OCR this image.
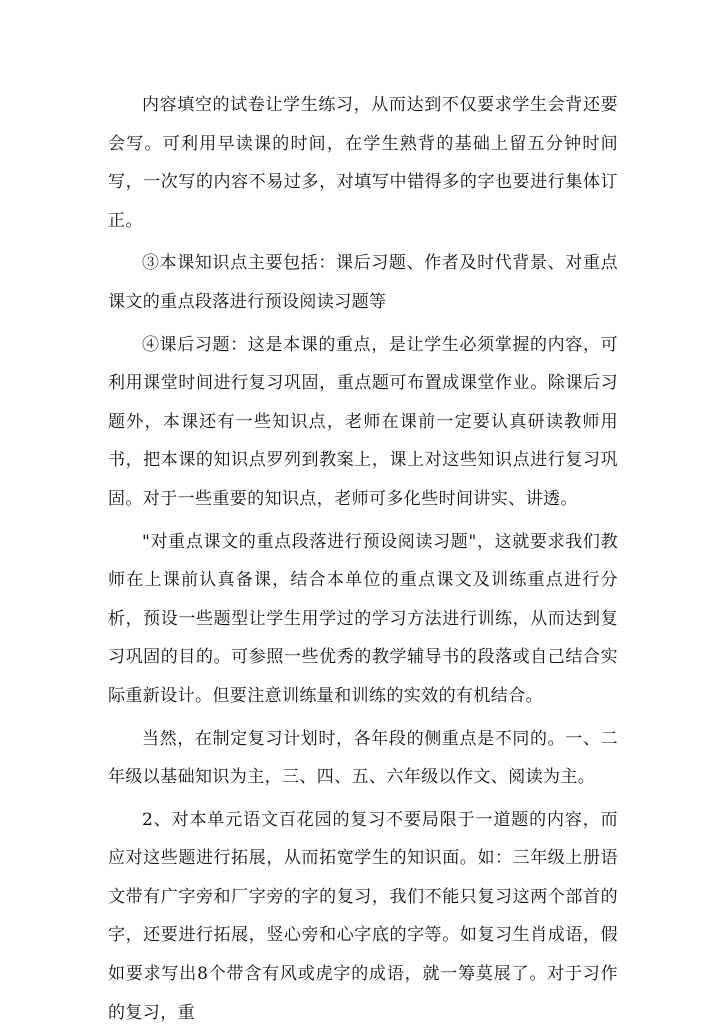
内容填空的试卷让学生练习，从而达到不仅要求学生会背还要会写。可利用早读课的时间，在学生熟背的基础上留五分钟时间写，一次写的内容不易过多，对填写中错得多的字也要进行集体订正。

③本课知识点主要包括：课后习题、作者及时代背景、对重点课文的重点段落进行预设阅读习题等

④课后习题：这是本课的重点，是让学生必须掌握的内容，可利用课堂时间进行复习巩固，重点题可布置成课堂作业。除课后习题外，本课还有一些知识点，老师在课前一定要认真研读教师用书，把本课的知识点罗列到教案上，课上对这些知识点进行复习巩固。对于一些重要的知识点，老师可多化些时间讲实、讲透。

"对重点课文的重点段落进行预设阅读习题"，这就要求我们教师在上课前认真备课，结合本单位的重点课文及训练重点进行分析，预设一些题型让学生用学过的学习方法进行训练，从而达到复习巩固的目的。可参照一些优秀的教学辅导书的段落或自己结合实际重新设计。但要注意训练量和训练的实效的有机结合。

当然，在制定复习计划时，各年段的侧重点是不同的。一、二年级以基础知识为主，三、四、五、六年级以作文、阅读为主。

2、对本单元语文百花园的复习不要局限于一道题的内容，而应对这些题进行拓展，从而拓宽学生的知识面。如：三年级上册语文带有广字旁和厂字旁的字的复习，我们不能只复习这两个部首的字，还要进行拓展，竖心旁和心字底的字等。如复习生肖成语，假如要求写出8个带含有风或虎字的成语，就一筹莫展了。对于习作的复习，重
